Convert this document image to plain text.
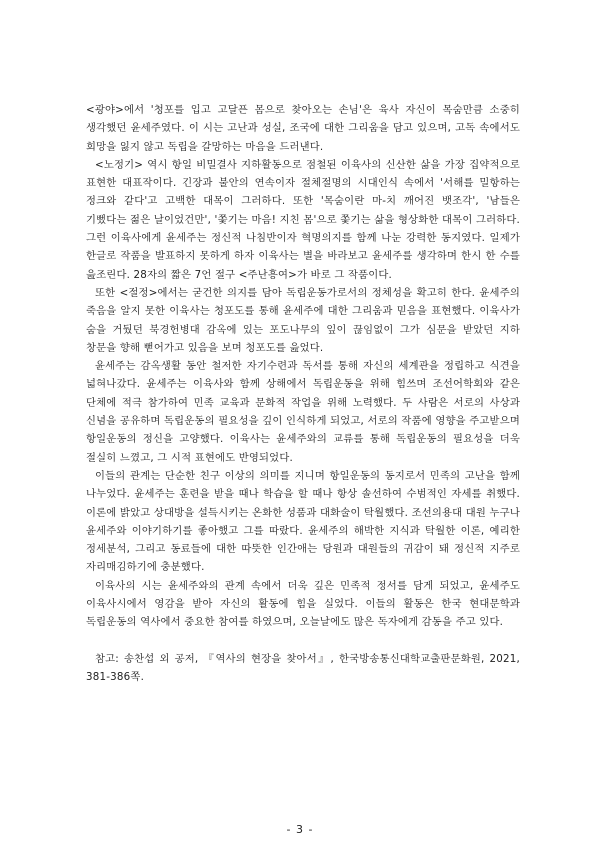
<광야>에서 '청포를 입고 고달픈 몸으로 찾아오는 손님'은 육사 자신이 목숨만큼 소중히 생각했던 윤세주였다. 이 시는 고난과 성실, 조국에 대한 그리움을 담고 있으며, 고독 속에서도 희망을 잃지 않고 독립을 갈망하는 마음을 드러낸다.

<노정기> 역시 항일 비밀결사 지하활동으로 점철된 이육사의 신산한 삶을 가장 집약적으로 표현한 대표작이다. 긴장과 불안의 연속이자 절체절명의 시대인식 속에서 '서해를 밀항하는 정크와 같다'고 고백한 대목이 그러하다. 또한 '목숨이란 마-치 깨어진 뱃조각', '남들은 기뻤다는 젊은 날이었건만', '쫓기는 마음! 지친 몸'으로 쫓기는 삶을 형상화한 대목이 그러하다. 그런 이육사에게 윤세주는 정신적 나침반이자 혁명의지를 함께 나눈 강력한 동지였다. 일제가 한글로 작품을 발표하지 못하게 하자 이육사는 별을 바라보고 윤세주를 생각하며 한시 한 수를 읊조린다. 28자의 짧은 7언 절구 <주난흥여>가 바로 그 작품이다.

또한 <절정>에서는 굳건한 의지를 담아 독립운동가로서의 정체성을 확고히 한다. 윤세주의 죽음을 알지 못한 이육사는 청포도를 통해 윤세주에 대한 그리움과 믿음을 표현했다. 이육사가 숨을 거뒀던 북경헌병대 감옥에 있는 포도나무의 잎이 끊임없이 그가 심문을 받았던 지하 창문을 향해 뻗어가고 있음을 보며 청포도를 읊었다.

윤세주는 감옥생활 동안 철저한 자기수련과 독서를 통해 자신의 세계관을 정립하고 식견을 넓혀나갔다. 윤세주는 이육사와 함께 상해에서 독립운동을 위해 힘쓰며 조선어학회와 같은 단체에 적극 참가하여 민족 교육과 문화적 작업을 위해 노력했다. 두 사람은 서로의 사상과 신념을 공유하며 독립운동의 필요성을 깊이 인식하게 되었고, 서로의 작품에 영향을 주고받으며 항일운동의 정신을 고양했다. 이육사는 윤세주와의 교류를 통해 독립운동의 필요성을 더욱 절실히 느꼈고, 그 시적 표현에도 반영되었다.

이들의 관계는 단순한 친구 이상의 의미를 지니며 항일운동의 동지로서 민족의 고난을 함께 나누었다. 윤세주는 훈련을 받을 때나 학습을 할 때나 항상 솔선하여 수범적인 자세를 취했다. 이론에 밝았고 상대방을 설득시키는 온화한 성품과 대화술이 탁월했다. 조선의용대 대원 누구나 윤세주와 이야기하기를 좋아했고 그를 따랐다. 윤세주의 해박한 지식과 탁월한 이론, 예리한 정세분석, 그리고 동료들에 대한 따뜻한 인간애는 당원과 대원들의 귀감이 돼 정신적 지주로 자리매김하기에 충분했다.

이육사의 시는 윤세주와의 관계 속에서 더욱 깊은 민족적 정서를 담게 되었고, 윤세주도 이육사시에서 영감을 받아 자신의 활동에 힘을 실었다. 이들의 활동은 한국 현대문학과 독립운동의 역사에서 중요한 참여를 하였으며, 오늘날에도 많은 독자에게 감동을 주고 있다.

참고: 송찬섭 외 공저, 『역사의 현장을 찾아서』, 한국방송통신대학교출판문화원, 2021, 381-386쪽.

- 3 -
